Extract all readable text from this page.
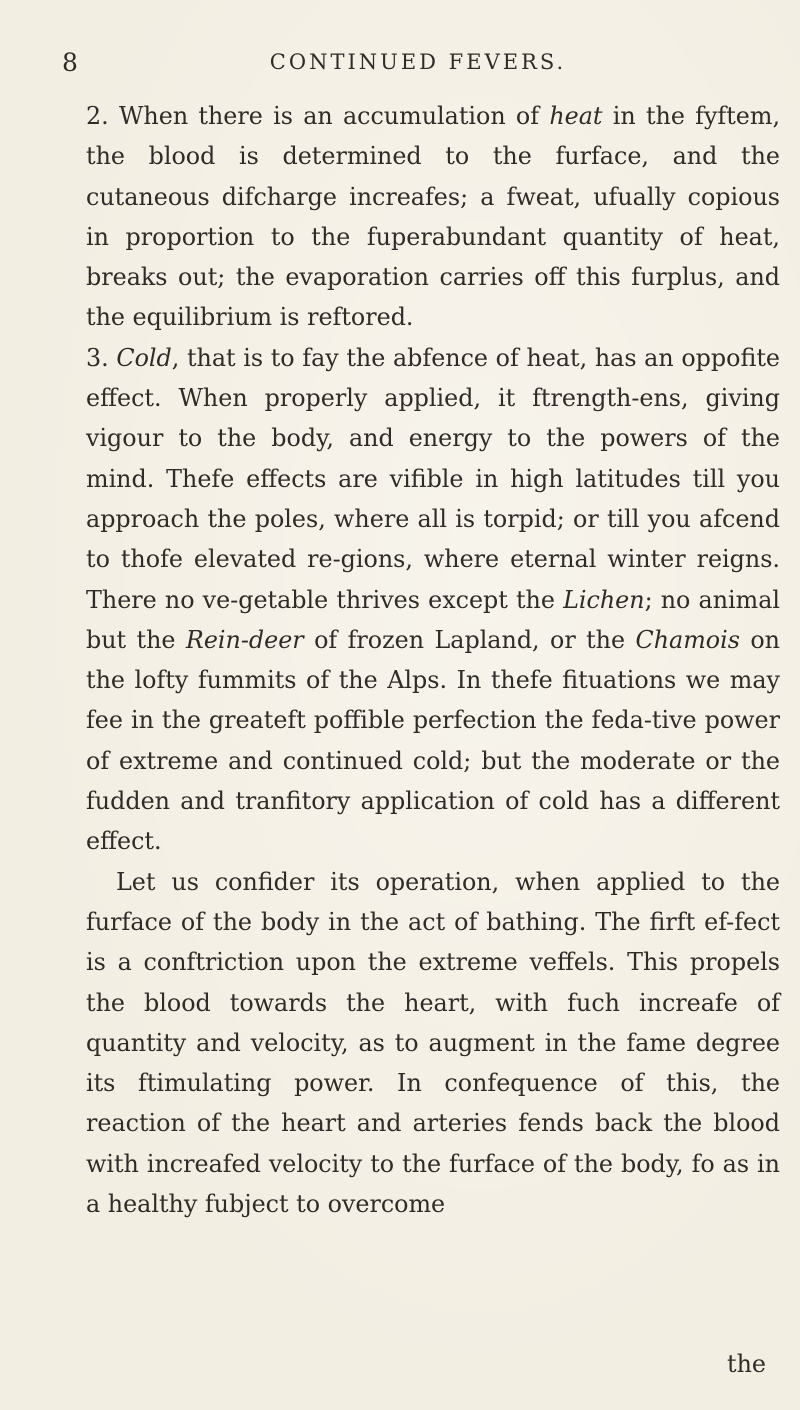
8	CONTINUED FEVERS.

2. When there is an accumulation of heat in the fyftem, the blood is determined to the furface, and the cutaneous difcharge increafes; a fweat, ufually copious in proportion to the fuperabundant quantity of heat, breaks out; the evaporation carries off this furplus, and the equilibrium is reftored.

3. Cold, that is to fay the abfence of heat, has an oppofite effect. When properly applied, it ftrength-ens, giving vigour to the body, and energy to the powers of the mind. Thefe effects are vifible in high latitudes till you approach the poles, where all is torpid; or till you afcend to thofe elevated re-gions, where eternal winter reigns. There no ve-getable thrives except the Lichen; no animal but the Rein-deer of frozen Lapland, or the Chamois on the lofty fummits of the Alps. In thefe fituations we may fee in the greateft poffible perfection the feda-tive power of extreme and continued cold; but the moderate or the fudden and tranfitory application of cold has a different effect.

Let us confider its operation, when applied to the furface of the body in the act of bathing. The firft ef-fect is a conftriction upon the extreme veffels. This propels the blood towards the heart, with fuch increafe of quantity and velocity, as to augment in the fame degree its ftimulating power. In confequence of this, the reaction of the heart and arteries fends back the blood with increafed velocity to the furface of the body, fo as in a healthy fubject to overcome

the
